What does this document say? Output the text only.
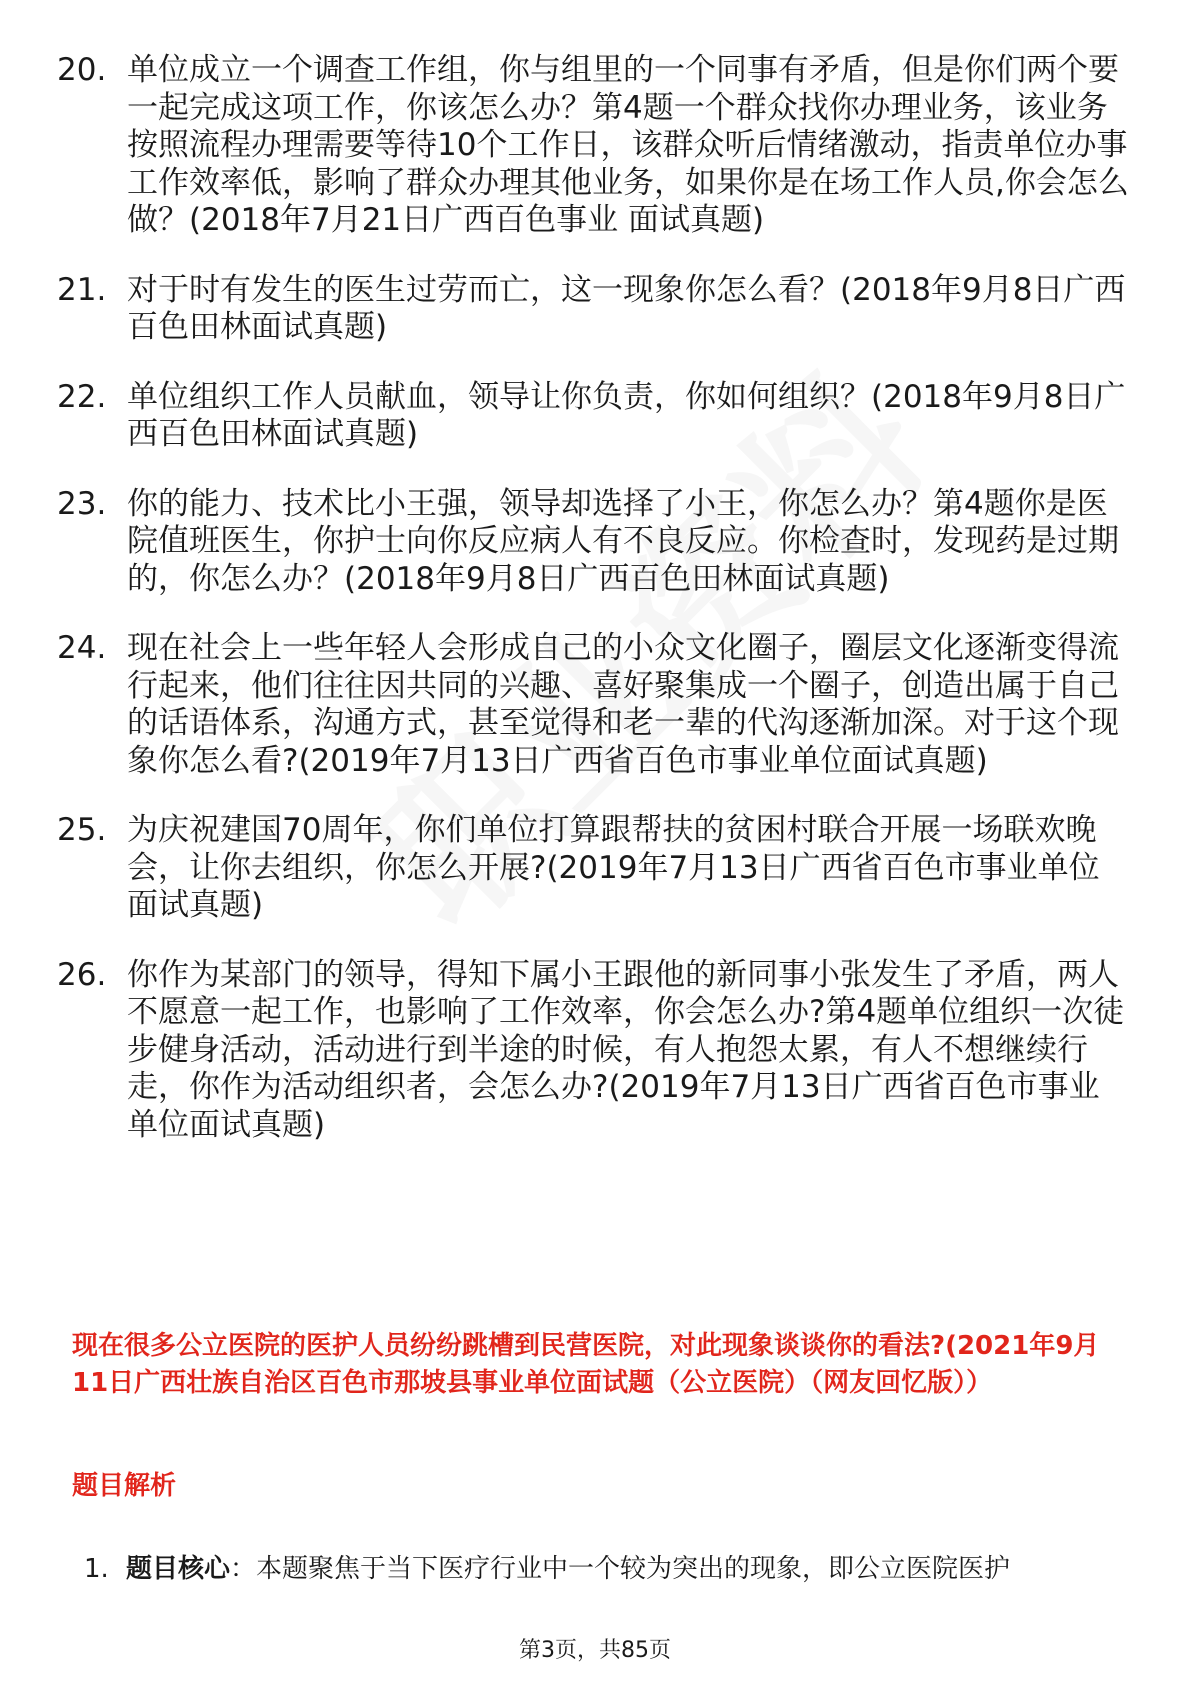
20. 单位成立一个调查工作组，你与组里的一个同事有矛盾，但是你们两个要一起完成这项工作，你该怎么办？第4题一个群众找你办理业务，该业务按照流程办理需要等待10个工作日，该群众听后情绪激动，指责单位办事工作效率低，影响了群众办理其他业务，如果你是在场工作人员,你会怎么做？(2018年7月21日广西百色事业 面试真题)
21. 对于时有发生的医生过劳而亡，这一现象你怎么看？(2018年9月8日广西百色田林面试真题)
22. 单位组织工作人员献血，领导让你负责，你如何组织？(2018年9月8日广西百色田林面试真题)
23. 你的能力、技术比小王强，领导却选择了小王，你怎么办？第4题你是医院值班医生，你护士向你反应病人有不良反应。你检查时，发现药是过期的，你怎么办？(2018年9月8日广西百色田林面试真题)
24. 现在社会上一些年轻人会形成自己的小众文化圈子，圈层文化逐渐变得流行起来，他们往往因共同的兴趣、喜好聚集成一个圈子，创造出属于自己的话语体系，沟通方式，甚至觉得和老一辈的代沟逐渐加深。对于这个现象你怎么看?(2019年7月13日广西省百色市事业单位面试真题)
25. 为庆祝建国70周年，你们单位打算跟帮扶的贫困村联合开展一场联欢晚会，让你去组织，你怎么开展?(2019年7月13日广西省百色市事业单位面试真题)
26. 你作为某部门的领导，得知下属小王跟他的新同事小张发生了矛盾，两人不愿意一起工作，也影响了工作效率，你会怎么办?第4题单位组织一次徒步健身活动，活动进行到半途的时候，有人抱怨太累，有人不想继续行走，你作为活动组织者，会怎么办?(2019年7月13日广西省百色市事业单位面试真题)
现在很多公立医院的医护人员纷纷跳槽到民营医院，对此现象谈谈你的看法?(2021年9月11日广西壮族自治区百色市那坡县事业单位面试题（公立医院）（网友回忆版））
题目解析
1. 题目核心：本题聚焦于当下医疗行业中一个较为突出的现象，即公立医院医护
第3页，共85页
